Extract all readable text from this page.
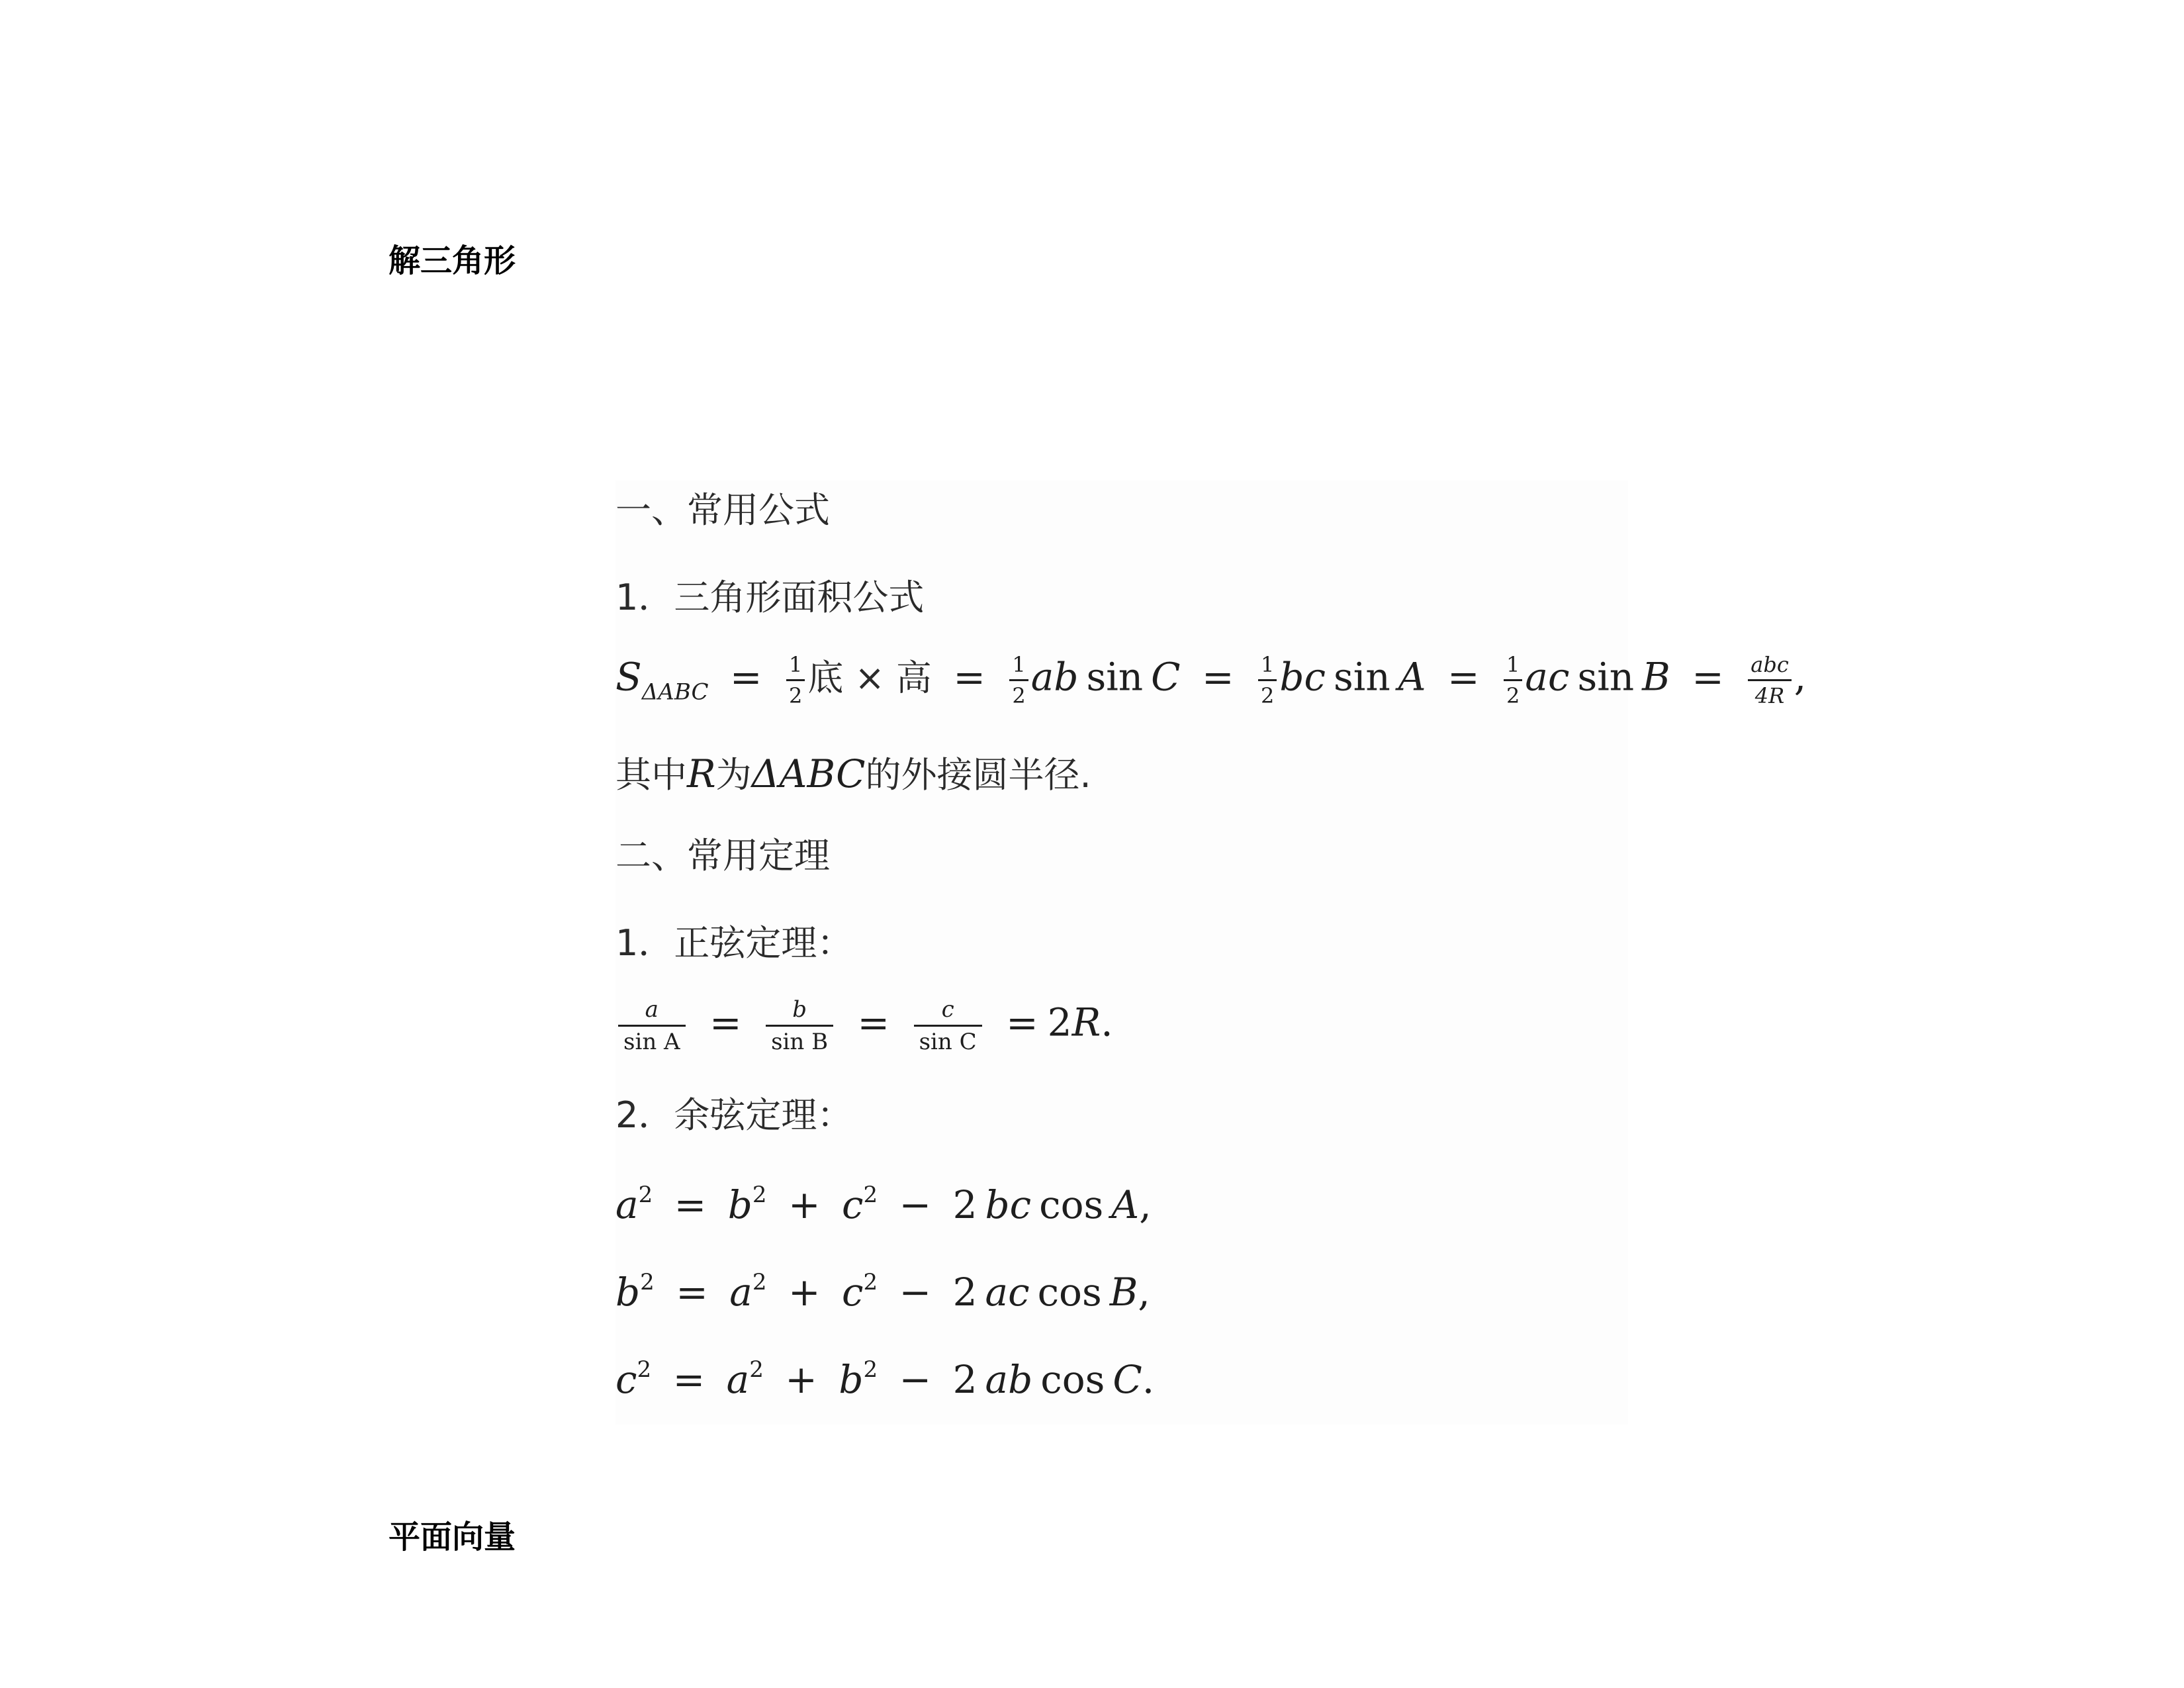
解三角形
一、常用公式
1．三角形面积公式
$S_{\Delta ABC} = \frac{1}{2}$ 底 × 高 = $\frac{1}{2}$ ab $\sin C = \frac{1}{2}$ bc $\sin A = \frac{1}{2}$ ac $\sin B = \frac{\text{abc}}{4R}$ ,
其中R为ΔABC的外接圆半径.
二、常用定理
1．正弦定理：
$\frac{a}{\text{sin A}} = \frac{b}{\text{sin B}} = \frac{c}{\text{sin C}} = 2R$.
2．余弦定理：
$a^2 = b^2 + c^2 - 2$ bc cos A,
$b^2 = a^2 + c^2 - 2$ ac cos B,
$c^2 = a^2 + b^2 - 2$ ab cos C.
平面向量
